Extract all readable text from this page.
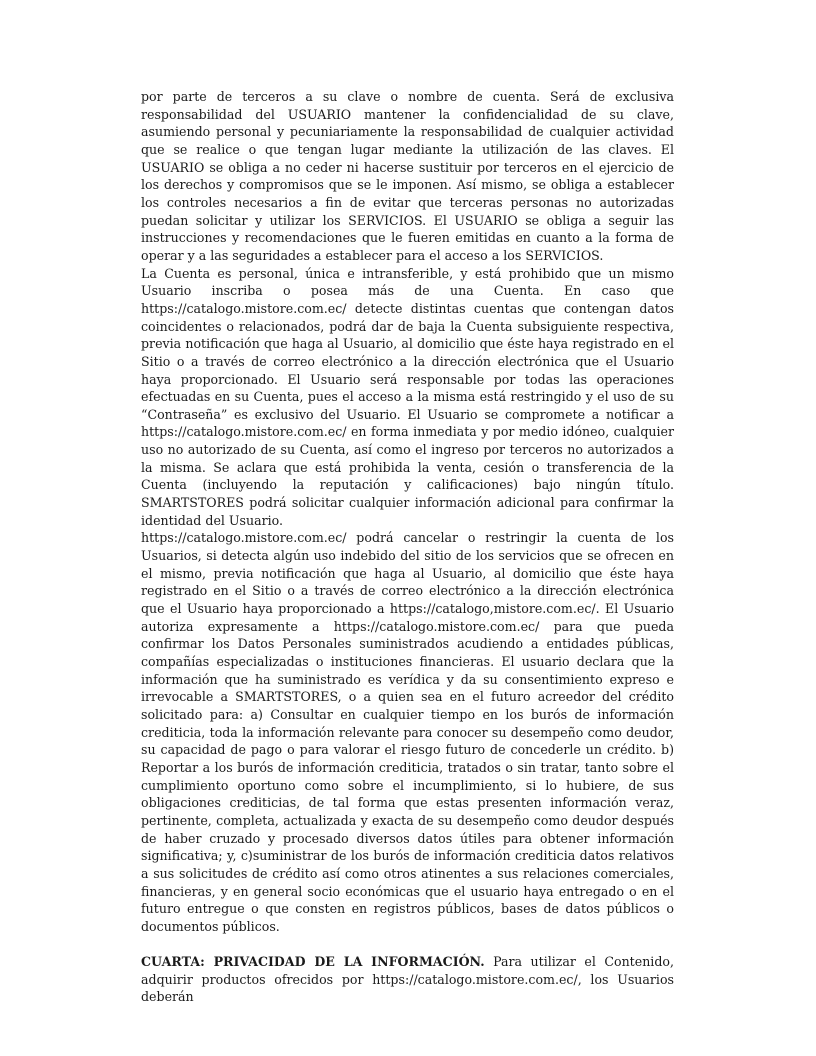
por parte de terceros a su clave o nombre de cuenta. Será de exclusiva responsabilidad del USUARIO mantener la confidencialidad de su clave, asumiendo personal y pecuniariamente la responsabilidad de cualquier actividad que se realice o que tengan lugar mediante la utilización de las claves. El USUARIO se obliga a no ceder ni hacerse sustituir por terceros en el ejercicio de los derechos y compromisos que se le imponen. Así mismo, se obliga a establecer los controles necesarios a fin de evitar que terceras personas no autorizadas puedan solicitar y utilizar los SERVICIOS. El USUARIO se obliga a seguir las instrucciones y recomendaciones que le fueren emitidas en cuanto a la forma de operar y a las seguridades a establecer para el acceso a los SERVICIOS.

La Cuenta es personal, única e intransferible, y está prohibido que un mismo Usuario inscriba o posea más de una Cuenta. En caso que https://catalogo.mistore.com.ec/ detecte distintas cuentas que contengan datos coincidentes o relacionados, podrá dar de baja la Cuenta subsiguiente respectiva, previa notificación que haga al Usuario, al domicilio que éste haya registrado en el Sitio o a través de correo electrónico a la dirección electrónica que el Usuario haya proporcionado. El Usuario será responsable por todas las operaciones efectuadas en su Cuenta, pues el acceso a la misma está restringido y el uso de su “Contraseña” es exclusivo del Usuario. El Usuario se compromete a notificar a https://catalogo.mistore.com.ec/ en forma inmediata y por medio idóneo, cualquier uso no autorizado de su Cuenta, así como el ingreso por terceros no autorizados a la misma. Se aclara que está prohibida la venta, cesión o transferencia de la Cuenta (incluyendo la reputación y calificaciones) bajo ningún título. SMARTSTORES podrá solicitar cualquier información adicional para confirmar la identidad del Usuario.

https://catalogo.mistore.com.ec/ podrá cancelar o restringir la cuenta de los Usuarios, si detecta algún uso indebido del sitio de los servicios que se ofrecen en el mismo, previa notificación que haga al Usuario, al domicilio que éste haya registrado en el Sitio o a través de correo electrónico a la dirección electrónica que el Usuario haya proporcionado a https://catalogo,mistore.com.ec/. El Usuario autoriza expresamente a https://catalogo.mistore.com.ec/ para que pueda confirmar los Datos Personales suministrados acudiendo a entidades públicas, compañías especializadas o instituciones financieras. El usuario declara que la información que ha suministrado es verídica y da su consentimiento expreso e irrevocable a SMARTSTORES, o a quien sea en el futuro acreedor del crédito solicitado para: a) Consultar en cualquier tiempo en los burós de información crediticia, toda la información relevante para conocer su desempeño como deudor, su capacidad de pago o para valorar el riesgo futuro de concederle un crédito. b) Reportar a los burós de información crediticia, tratados o sin tratar, tanto sobre el cumplimiento oportuno como sobre el incumplimiento, si lo hubiere, de sus obligaciones crediticias, de tal forma que estas presenten información veraz, pertinente, completa, actualizada y exacta de su desempeño como deudor después de haber cruzado y procesado diversos datos útiles para obtener información significativa; y, c)suministrar de los burós de información crediticia datos relativos a sus solicitudes de crédito así como otros atinentes a sus relaciones comerciales, financieras, y en general socio económicas que el usuario haya entregado o en el futuro entregue o que consten en registros públicos, bases de datos públicos o documentos públicos.

CUARTA: PRIVACIDAD DE LA INFORMACIÓN. Para utilizar el Contenido, adquirir productos ofrecidos por https://catalogo.mistore.com.ec/, los Usuarios deberán
